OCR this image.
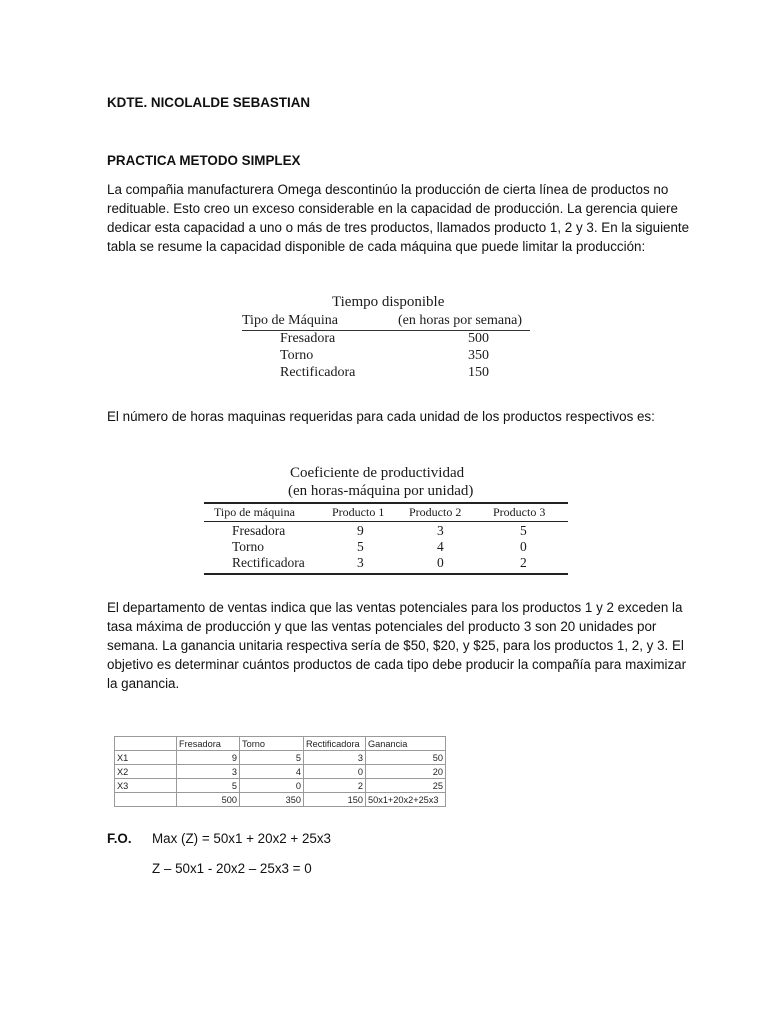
KDTE. NICOLALDE SEBASTIAN
PRACTICA METODO SIMPLEX

La compañia manufacturera Omega descontinúo la producción de cierta línea de productos no

redituable. Esto creo un exceso considerable en la capacidad de producción. La gerencia quiere

dedicar esta capacidad a uno o más de tres productos, llamados producto 1, 2 y 3. En la siguiente

tabla se resume la capacidad disponible de cada máquina que puede limitar la producción:

Tiempo disponible
Tipo de Máquina	(en horas por semana)
Fresadora	500
Torno	350
Rectificadora	150
El número de horas maquinas requeridas para cada unidad de los productos respectivos es:
Coeficiente de productividad
(en horas-máquina por unidad)
Tipo de máquina	Producto 1 Producto 2	Producto 3
Fresadora	9	3	5
Torno	5	4	0
Rectificadora	3	0	2

El departamento de ventas indica que las ventas potenciales para los productos 1 y 2 exceden la

tasa máxima de producción y que las ventas potenciales del producto 3 son 20 unidades por

semana. La ganancia unitaria respectiva sería de $50, $20, y $25, para los productos 1, 2, y 3. El

objetivo es determinar cuántos productos de cada tipo debe producir la compañía para maximizar

la ganancia.

	Fresadora	Torno	Rectificadora	Ganancia
X1	9	5	3	50
X2	3	4	0	20
X3	5	0	2	25
	500	350	150	50x1+20x2+25x3
F.O. Max (Z) = 50x1 + 20x2 + 25x3
Z – 50x1 - 20x2 – 25x3 = 0
